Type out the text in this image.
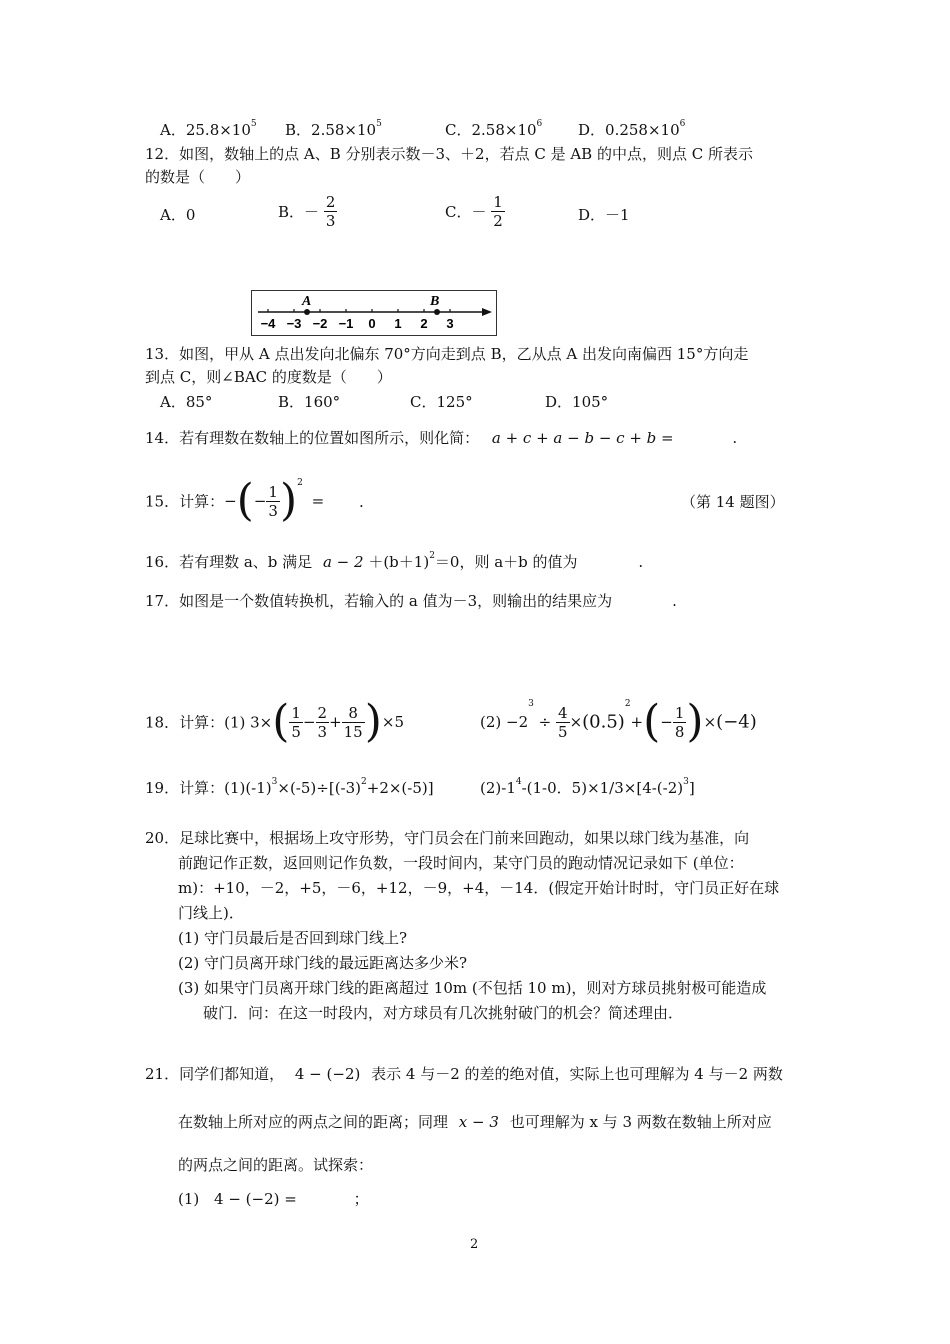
A．$25.8\times 10^5$ B．$2.58\times 10^5$	C．$2.58\times 10^6$ D．$0.258\times 10^6$
12．如图，数轴上的点 A、B 分别表示数－3、＋2，若点 C 是 AB 的中点，则点 C 所表示
的数是（　　）
A．0	B．－ $\frac{2}{3}$	C．－ $\frac{1}{2}$	D．－1
−4 −3 −2 −1 0 1 2 3
A	B
13．如图，甲从 A 点出发向北偏东 70°方向走到点 B，乙从点 A 出发向南偏西 15°方向走
到点 C，则∠BAC 的度数是（　　）
A．85°	B．160°	C．125°	D．105°
14．若有理数在数轴上的位置如图所示，则化简： a + c + a − b − c + b =	.
15．计算：−(− $\frac{1}{3} )^2$ = .	（第 14 题图）
16．若有理数 a、b 满足 $a - 2 +(b+1)^2=0$，则 a＋b 的值为	.
17．如图是一个数值转换机，若输入的 a 值为－3，则输出的结果应为	.
18．计算：(1) $3\times( \frac{1}{5} - \frac{2}{3} + \frac{8}{15} )\times 5$	$(2) -2^3 \div \frac{4}{5} \times(0.5)^2+(- \frac{1}{8} )\times(-4)$
19．计算：$(1)(-1)^3\times(-5)\div[(-3)^2+2\times(-5)]$	$(2)-1^4-(1-0$．$5)\times 1/3\times[4-(-2)^3]$
20．足球比赛中，根据场上攻守形势，守门员会在门前来回跑动，如果以球门线为基准，向
前跑记作正数，返回则记作负数，一段时间内，某守门员的跑动情况记录如下 (单位：
m)：+10，－2，+5，－6，+12，－9，+4，－14．(假定开始计时时，守门员正好在球
门线上)．
(1) 守门员最后是否回到球门线上?
(2) 守门员离开球门线的最远距离达多少米?
(3) 如果守门员离开球门线的距离超过 10m (不包括 10 m)，则对方球员挑射极可能造成
破门．问：在这一时段内，对方球员有几次挑射破门的机会？简述理由．
21．同学们都知道， 4 − (−2) 表示 4 与－2 的差的绝对值，实际上也可理解为 4 与－2 两数
在数轴上所对应的两点之间的距离；同理 x − 3 也可理解为 x 与 3 两数在数轴上所对应
的两点之间的距离。试探索：
(1) 4 − (−2) =	；
2
